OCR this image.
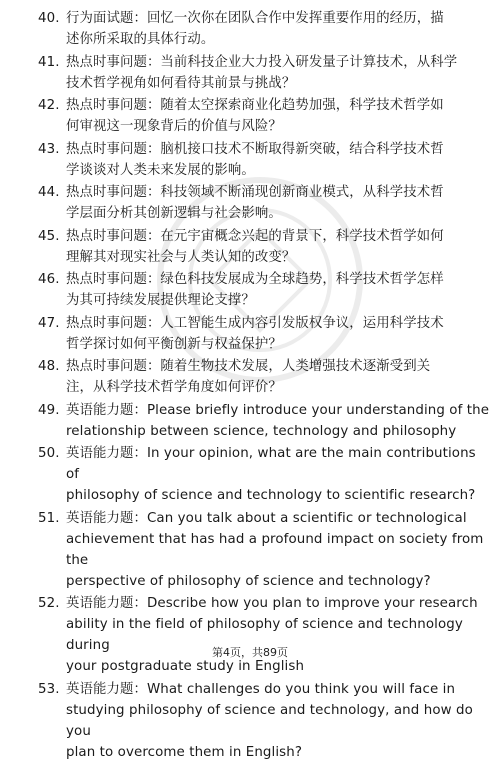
40. 行为面试题：回忆一次你在团队合作中发挥重要作用的经历，描
述你所采取的具体行动。
41. 热点时事问题：当前科技企业大力投入研发量子计算技术，从科学
技术哲学视角如何看待其前景与挑战？
42. 热点时事问题：随着太空探索商业化趋势加强，科学技术哲学如
何审视这一现象背后的价值与风险？
43. 热点时事问题：脑机接口技术不断取得新突破，结合科学技术哲
学谈谈对人类未来发展的影响。
44. 热点时事问题：科技领域不断涌现创新商业模式，从科学技术哲
学层面分析其创新逻辑与社会影响。
45. 热点时事问题：在元宇宙概念兴起的背景下，科学技术哲学如何
理解其对现实社会与人类认知的改变？
46. 热点时事问题：绿色科技发展成为全球趋势，科学技术哲学怎样
为其可持续发展提供理论支撑？
47. 热点时事问题：人工智能生成内容引发版权争议，运用科学技术
哲学探讨如何平衡创新与权益保护？
48. 热点时事问题：随着生物技术发展，人类增强技术逐渐受到关
注，从科学技术哲学角度如何评价？
49. 英语能力题：Please briefly introduce your understanding of the
relationship between science, technology and philosophy
50. 英语能力题：In your opinion, what are the main contributions of
philosophy of science and technology to scientific research?
51. 英语能力题：Can you talk about a scientific or technological
achievement that has had a profound impact on society from the
perspective of philosophy of science and technology?
52. 英语能力题：Describe how you plan to improve your research
ability in the field of philosophy of science and technology during
your postgraduate study in English
53. 英语能力题：What challenges do you think you will face in
studying philosophy of science and technology, and how do you
plan to overcome them in English?
第4页，共89页
